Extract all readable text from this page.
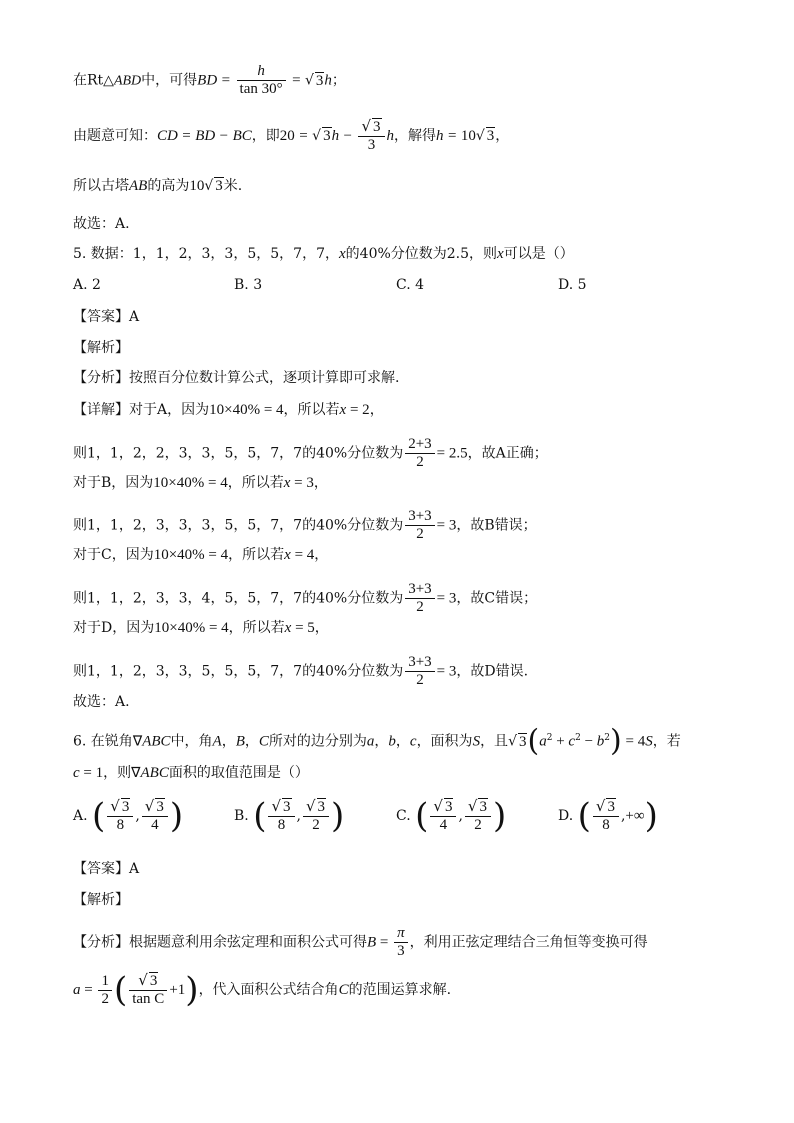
在Rt△ABD中，可得BD = $\frac{h}{\tan 30^\circ}$ = √ 3h；
由题意可知：CD = BD − BC，即20 = √ $3h - \frac{√ 3}{3}$ h，解得h = 10√ 3，
所以古塔AB的高为10√ 3米.
故选：A.
5. 数据：1，1，2，3，3，5，5，7，7，x的40%分位数为2.5，则x可以是（）
A. 2	B. 3	C. 4	D. 5
【答案】A
【解析】
【分析】按照百分位数计算公式，逐项计算即可求解.
【详解】对于A，因为10×40% = 4，所以若x = 2，
则1，1，2，2，3，3，5，5，7，7的40%分位数为 $\frac{2+3}{2} = 2.5$，故A正确；
对于B，因为10×40% = 4，所以若x = 3，
则1，1，2，3，3，3，5，5，7，7的40%分位数为 $\frac{3+3}{2} = 3$，故B错误；
对于C，因为10×40% = 4，所以若x = 4，
则1，1，2，3，3，4，5，5，7，7的40%分位数为 $\frac{3+3}{2} = 3$，故C错误；
对于D，因为10×40% = 4，所以若x = 5，
则1，1，2，3，3，5，5，5，7，7的40%分位数为 $\frac{3+3}{2} = 3$，故D错误.
故选：A.
6. 在锐角∇ABC中，角A，B，C所对的边分别为a，b，c，面积为S，且√ $3(a^2 + c^2 - b^2) = 4S$，若
c = 1，则∇ABC面积的取值范围是（）
A. ( $\frac{√ 3}{8}$ , $\frac{√ 3}{4}$ )	B. ( $\frac{√ 3}{8}$ , $\frac{√ 3}{2}$ )	C. ( $\frac{√ 3}{4}$ , $\frac{√ 3}{2}$ )	D. ( $\frac{√ 3}{8}$ ,+∞)
【答案】A
【解析】
【分析】根据题意利用余弦定理和面积公式可得$B = \frac{\pi}{3}$ ，利用正弦定理结合三角恒等变换可得
$a = \frac{1}{2}$ ( $\frac{√ 3}{\text{tan C}} +1$)，代入面积公式结合角C的范围运算求解.
